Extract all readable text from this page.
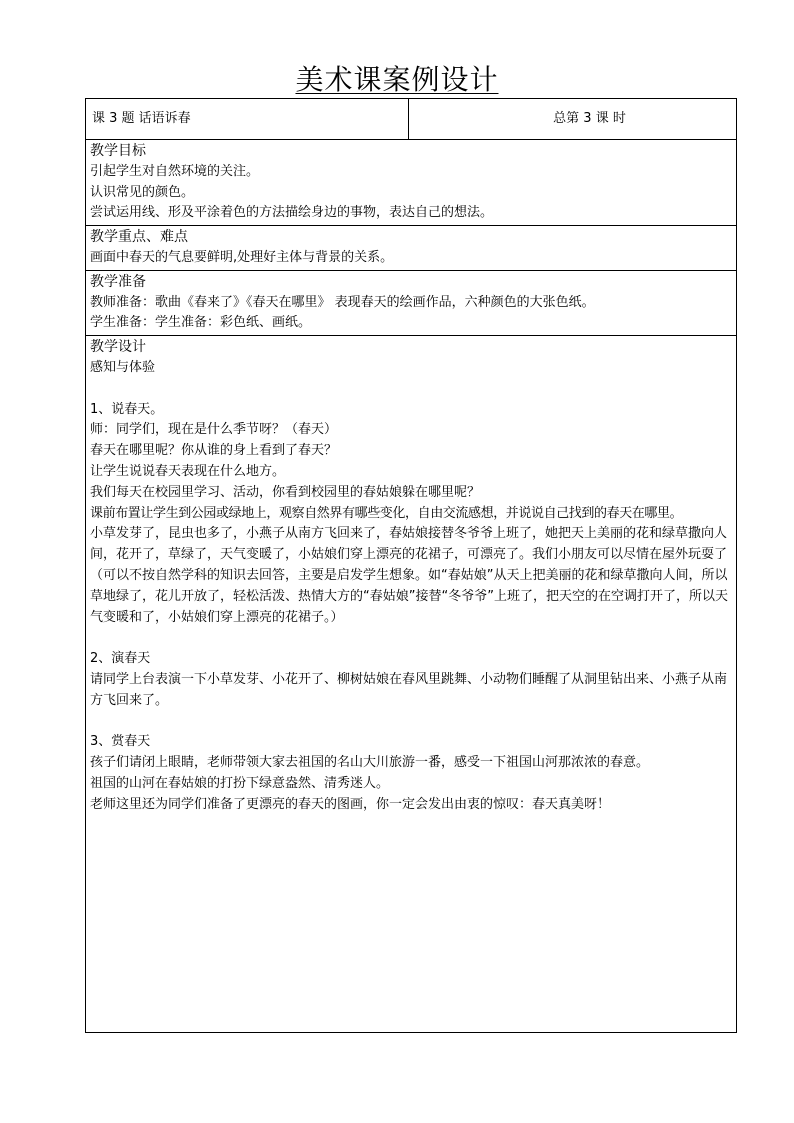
美术课案例设计
课 3 题 话语诉春	总第 3 课 时

教学目标
引起学生对自然环境的关注。
认识常见的颜色。
尝试运用线、形及平涂着色的方法描绘身边的事物，表达自己的想法。

教学重点、难点
画面中春天的气息要鲜明,处理好主体与背景的关系。

教学准备
教师准备：歌曲《春来了》《春天在哪里》 表现春天的绘画作品，六种颜色的大张色纸。
学生准备：学生准备：彩色纸、画纸。

教学设计
感知与体验
1、说春天。
师：同学们，现在是什么季节呀？（春天）
春天在哪里呢？你从谁的身上看到了春天？
让学生说说春天表现在什么地方。
我们每天在校园里学习、活动，你看到校园里的春姑娘躲在哪里呢？
课前布置让学生到公园或绿地上，观察自然界有哪些变化，自由交流感想，并说说自己找到的春天在哪里。
小草发芽了，昆虫也多了，小燕子从南方飞回来了，春姑娘接替冬爷爷上班了，她把天上美丽的花和绿草撒向人间，花开了，草绿了，天气变暖了，小姑娘们穿上漂亮的花裙子，可漂亮了。我们小朋友可以尽情在屋外玩耍了
（可以不按自然学科的知识去回答，主要是启发学生想象。如“春姑娘”从天上把美丽的花和绿草撒向人间，所以草地绿了，花儿开放了，轻松活泼、热情大方的“春姑娘”接替“冬爷爷”上班了，把天空的在空调打开了，所以天气变暖和了，小姑娘们穿上漂亮的花裙子。）
2、演春天
请同学上台表演一下小草发芽、小花开了、柳树姑娘在春风里跳舞、小动物们睡醒了从洞里钻出来、小燕子从南方飞回来了。
3、赏春天
孩子们请闭上眼睛，老师带领大家去祖国的名山大川旅游一番，感受一下祖国山河那浓浓的春意。
祖国的山河在春姑娘的打扮下绿意盎然、清秀迷人。
老师这里还为同学们准备了更漂亮的春天的图画，你一定会发出由衷的惊叹：春天真美呀！
